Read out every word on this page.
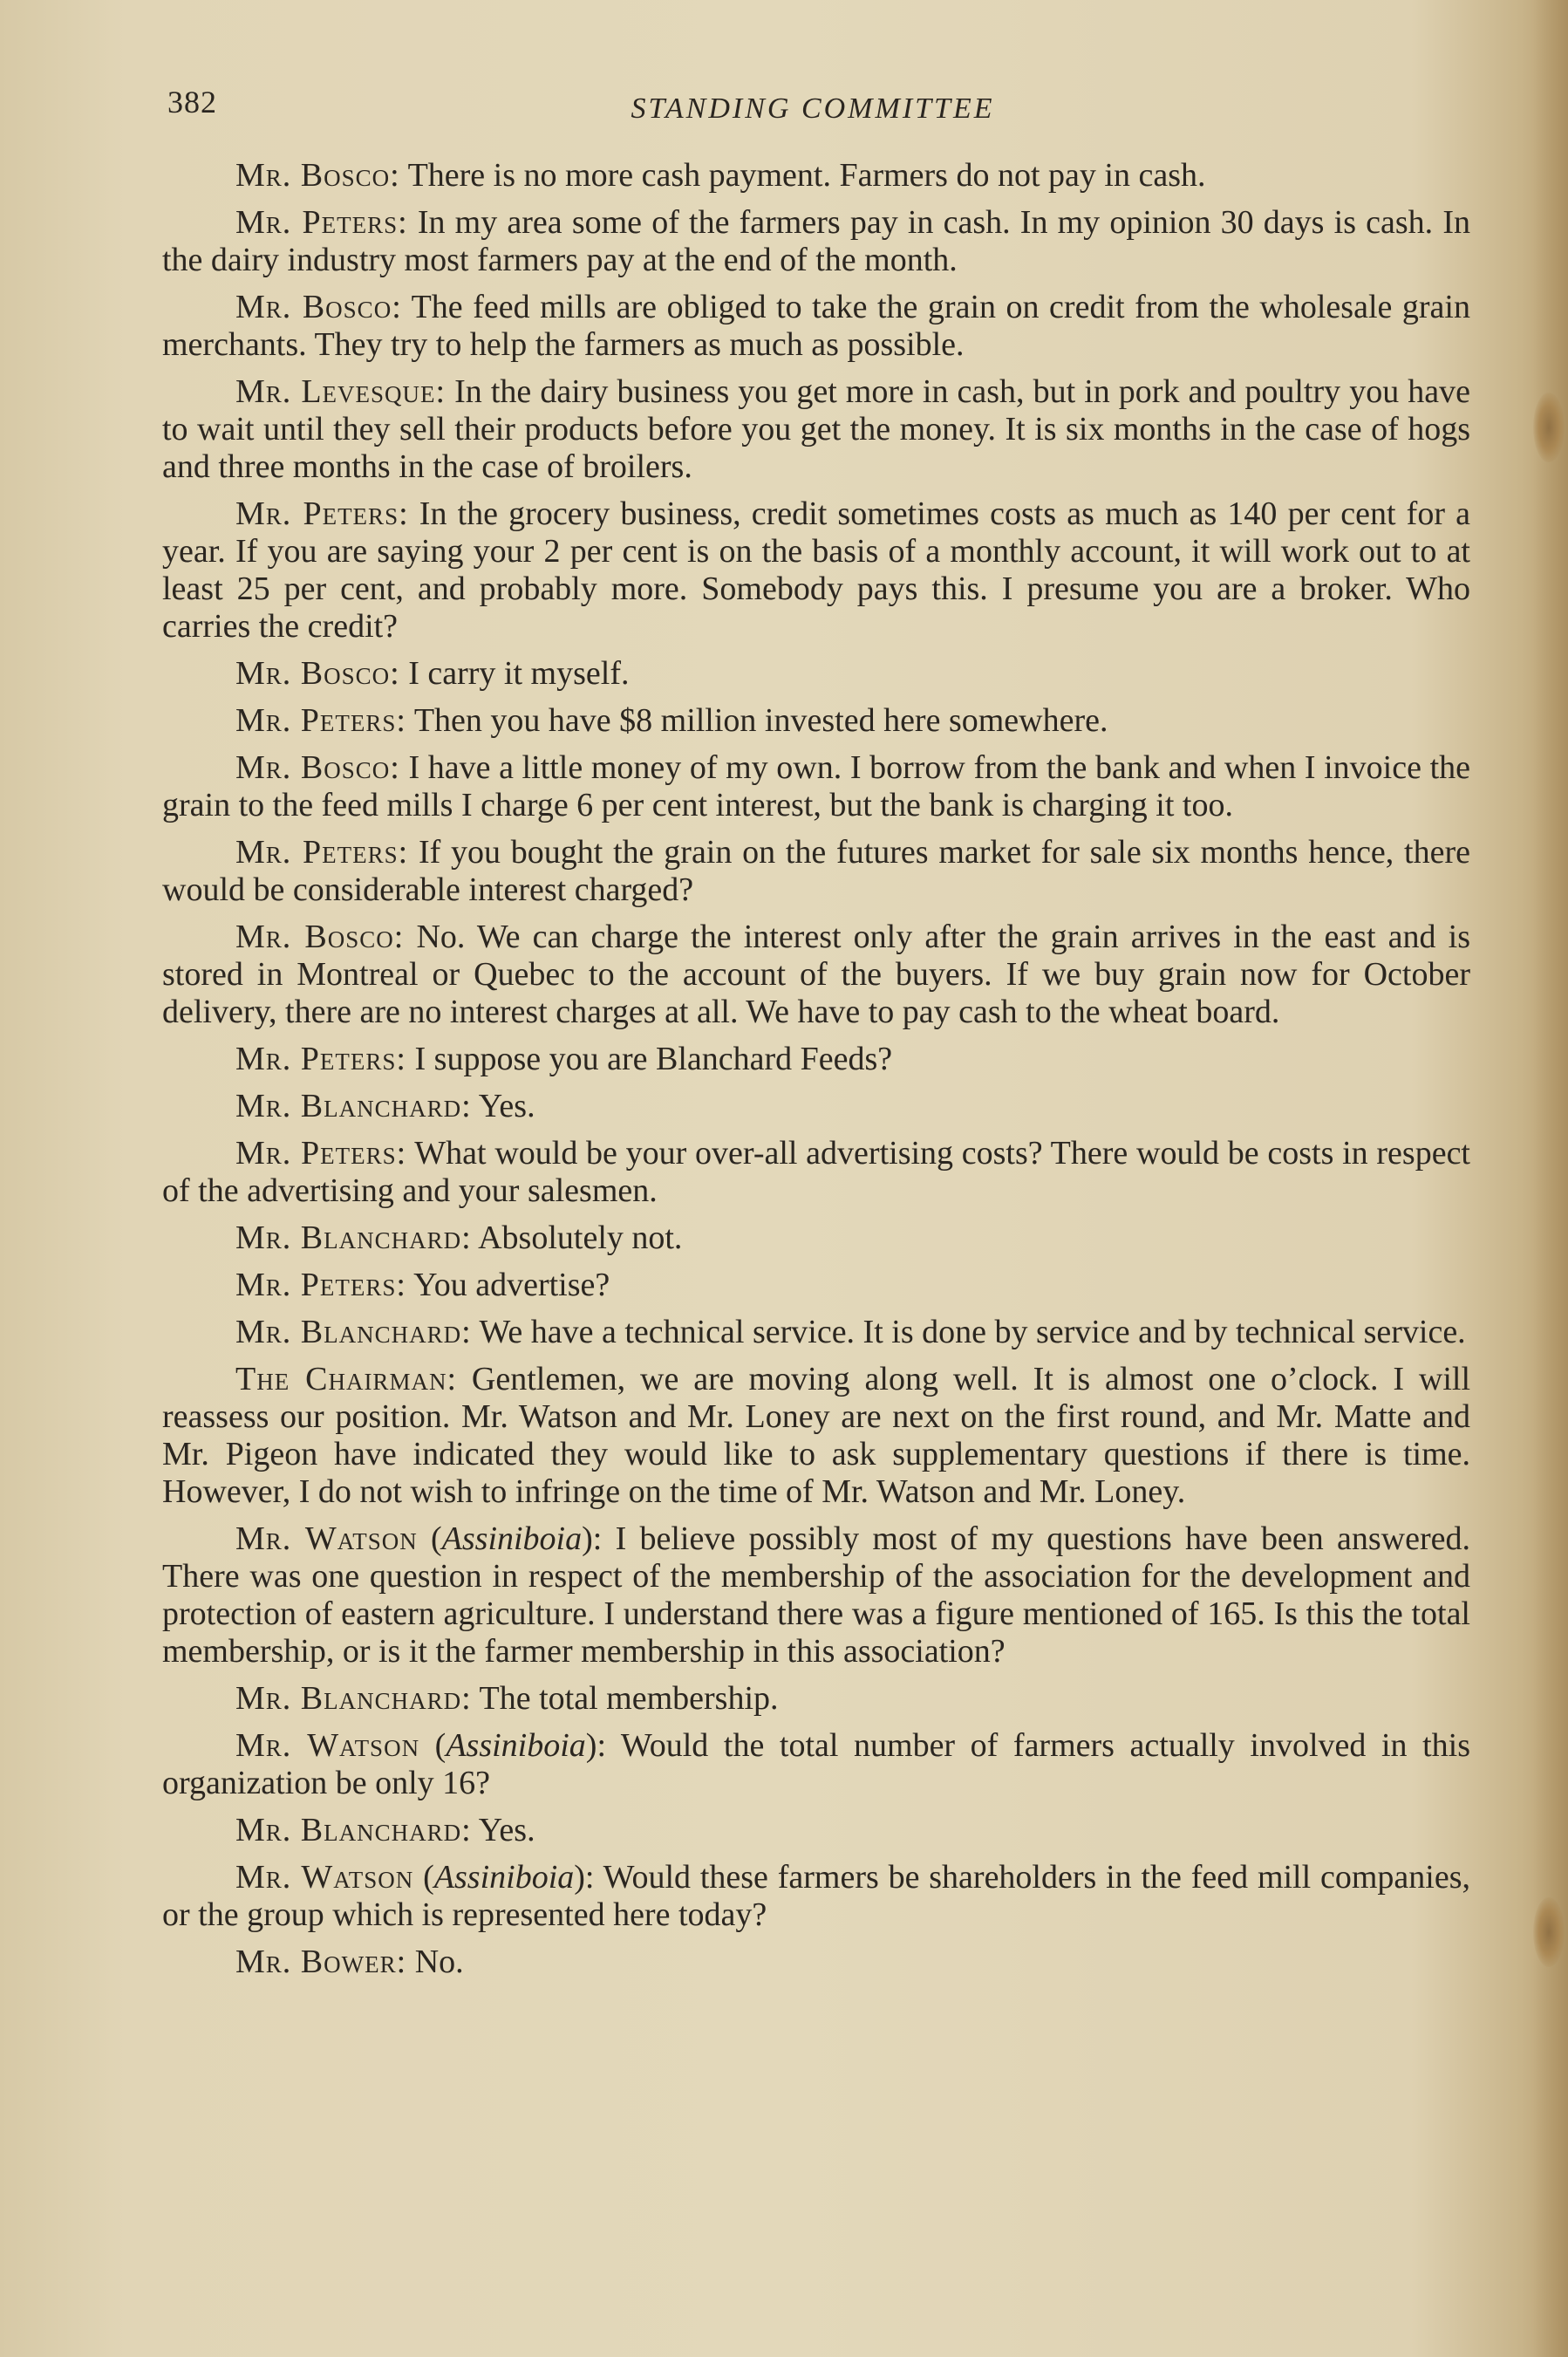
382	STANDING COMMITTEE

Mr. Bosco: There is no more cash payment. Farmers do not pay in cash.

Mr. Peters: In my area some of the farmers pay in cash. In my opinion 30 days is cash. In the dairy industry most farmers pay at the end of the month.

Mr. Bosco: The feed mills are obliged to take the grain on credit from the wholesale grain merchants. They try to help the farmers as much as possible.

Mr. Levesque: In the dairy business you get more in cash, but in pork and poultry you have to wait until they sell their products before you get the money. It is six months in the case of hogs and three months in the case of broilers.

Mr. Peters: In the grocery business, credit sometimes costs as much as 140 per cent for a year. If you are saying your 2 per cent is on the basis of a monthly account, it will work out to at least 25 per cent, and probably more. Somebody pays this. I presume you are a broker. Who carries the credit?

Mr. Bosco: I carry it myself.

Mr. Peters: Then you have $8 million invested here somewhere.

Mr. Bosco: I have a little money of my own. I borrow from the bank and when I invoice the grain to the feed mills I charge 6 per cent interest, but the bank is charging it too.

Mr. Peters: If you bought the grain on the futures market for sale six months hence, there would be considerable interest charged?

Mr. Bosco: No. We can charge the interest only after the grain arrives in the east and is stored in Montreal or Quebec to the account of the buyers. If we buy grain now for October delivery, there are no interest charges at all. We have to pay cash to the wheat board.

Mr. Peters: I suppose you are Blanchard Feeds?

Mr. Blanchard: Yes.

Mr. Peters: What would be your over-all advertising costs? There would be costs in respect of the advertising and your salesmen.

Mr. Blanchard: Absolutely not.

Mr. Peters: You advertise?

Mr. Blanchard: We have a technical service. It is done by service and by technical service.

The Chairman: Gentlemen, we are moving along well. It is almost one o’clock. I will reassess our position. Mr. Watson and Mr. Loney are next on the first round, and Mr. Matte and Mr. Pigeon have indicated they would like to ask supplementary questions if there is time. However, I do not wish to infringe on the time of Mr. Watson and Mr. Loney.

Mr. Watson (Assiniboia): I believe possibly most of my questions have been answered. There was one question in respect of the membership of the association for the development and protection of eastern agriculture. I understand there was a figure mentioned of 165. Is this the total membership, or is it the farmer membership in this association?

Mr. Blanchard: The total membership.

Mr. Watson (Assiniboia): Would the total number of farmers actually involved in this organization be only 16?

Mr. Blanchard: Yes.

Mr. Watson (Assiniboia): Would these farmers be shareholders in the feed mill companies, or the group which is represented here today?

Mr. Bower: No.
